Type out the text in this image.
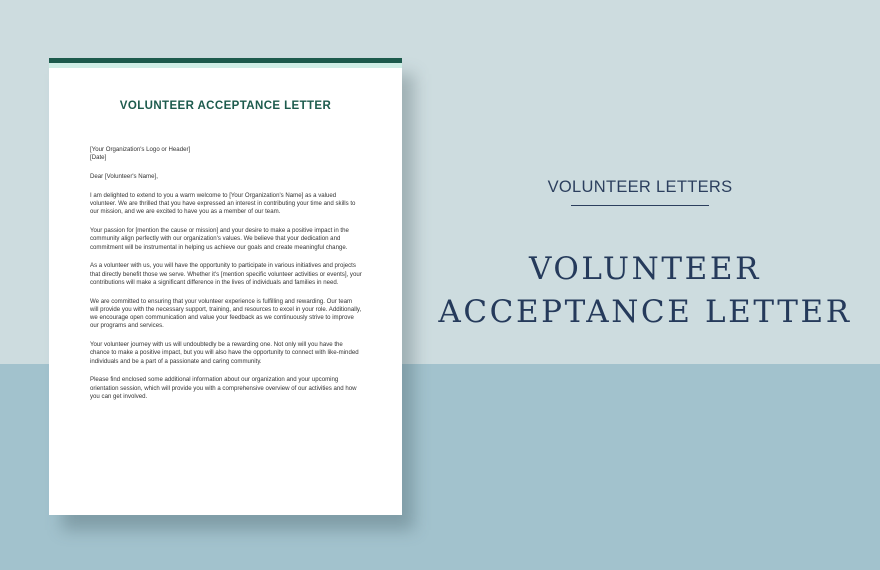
VOLUNTEER ACCEPTANCE LETTER

[Your Organization's Logo or Header]
[Date]

Dear [Volunteer's Name],

I am delighted to extend to you a warm welcome to [Your Organization's Name] as a valued volunteer. We are thrilled that you have expressed an interest in contributing your time and skills to our mission, and we are excited to have you as a member of our team.

Your passion for [mention the cause or mission] and your desire to make a positive impact in the community align perfectly with our organization's values. We believe that your dedication and commitment will be instrumental in helping us achieve our goals and create meaningful change.

As a volunteer with us, you will have the opportunity to participate in various initiatives and projects that directly benefit those we serve. Whether it's [mention specific volunteer activities or events], your contributions will make a significant difference in the lives of individuals and families in need.

We are committed to ensuring that your volunteer experience is fulfilling and rewarding. Our team will provide you with the necessary support, training, and resources to excel in your role. Additionally, we encourage open communication and value your feedback as we continuously strive to improve our programs and services.

Your volunteer journey with us will undoubtedly be a rewarding one. Not only will you have the chance to make a positive impact, but you will also have the opportunity to connect with like-minded individuals and be a part of a passionate and caring community.

Please find enclosed some additional information about our organization and your upcoming orientation session, which will provide you with a comprehensive overview of our activities and how you can get involved.

VOLUNTEER LETTERS
VOLUNTEER
ACCEPTANCE LETTER
